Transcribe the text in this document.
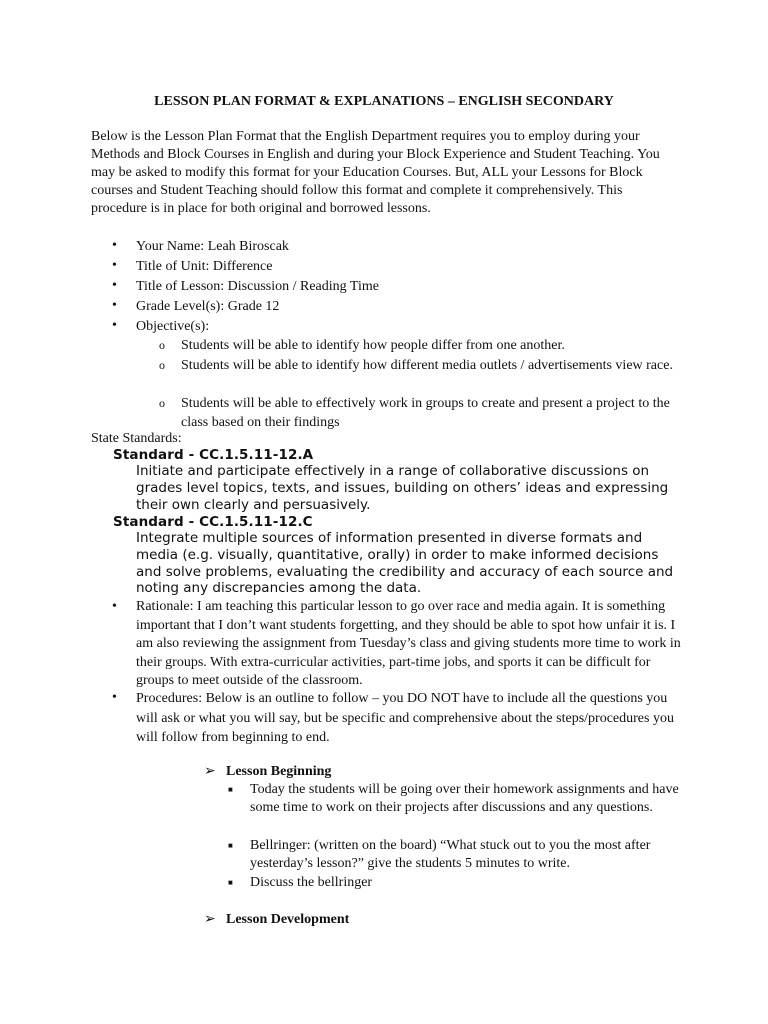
LESSON PLAN FORMAT & EXPLANATIONS – ENGLISH SECONDARY

Below is the Lesson Plan Format that the English Department requires you to employ during your Methods and Block Courses in English and during your Block Experience and Student Teaching. You may be asked to modify this format for your Education Courses. But, ALL your Lessons for Block courses and Student Teaching should follow this format and complete it comprehensively. This procedure is in place for both original and borrowed lessons.

•	Your Name: Leah Biroscak
•	Title of Unit: Difference
•	Title of Lesson: Discussion / Reading Time
•	Grade Level(s): Grade 12
•	Objective(s):
o	Students will be able to identify how people differ from one another.
o	Students will be able to identify how different media outlets / advertisements view race.
o	Students will be able to effectively work in groups to create and present a project to the class based on their findings
State Standards:
Standard - CC.1.5.11-12.A
Initiate and participate effectively in a range of collaborative discussions on grades level topics, texts, and issues, building on others’ ideas and expressing their own clearly and persuasively.
Standard - CC.1.5.11-12.C
Integrate multiple sources of information presented in diverse formats and media (e.g. visually, quantitative, orally) in order to make informed decisions and solve problems, evaluating the credibility and accuracy of each source and noting any discrepancies among the data.
•	Rationale: I am teaching this particular lesson to go over race and media again. It is something important that I don’t want students forgetting, and they should be able to spot how unfair it is. I am also reviewing the assignment from Tuesday’s class and giving students more time to work in their groups. With extra-curricular activities, part-time jobs, and sports it can be difficult for groups to meet outside of the classroom.
•	Procedures: Below is an outline to follow – you DO NOT have to include all the questions you will ask or what you will say, but be specific and comprehensive about the steps/procedures you will follow from beginning to end.
➢ Lesson Beginning
■	Today the students will be going over their homework assignments and have some time to work on their projects after discussions and any questions.
■	Bellringer: (written on the board) “What stuck out to you the most after yesterday’s lesson?” give the students 5 minutes to write.
■	Discuss the bellringer
➢ Lesson Development
